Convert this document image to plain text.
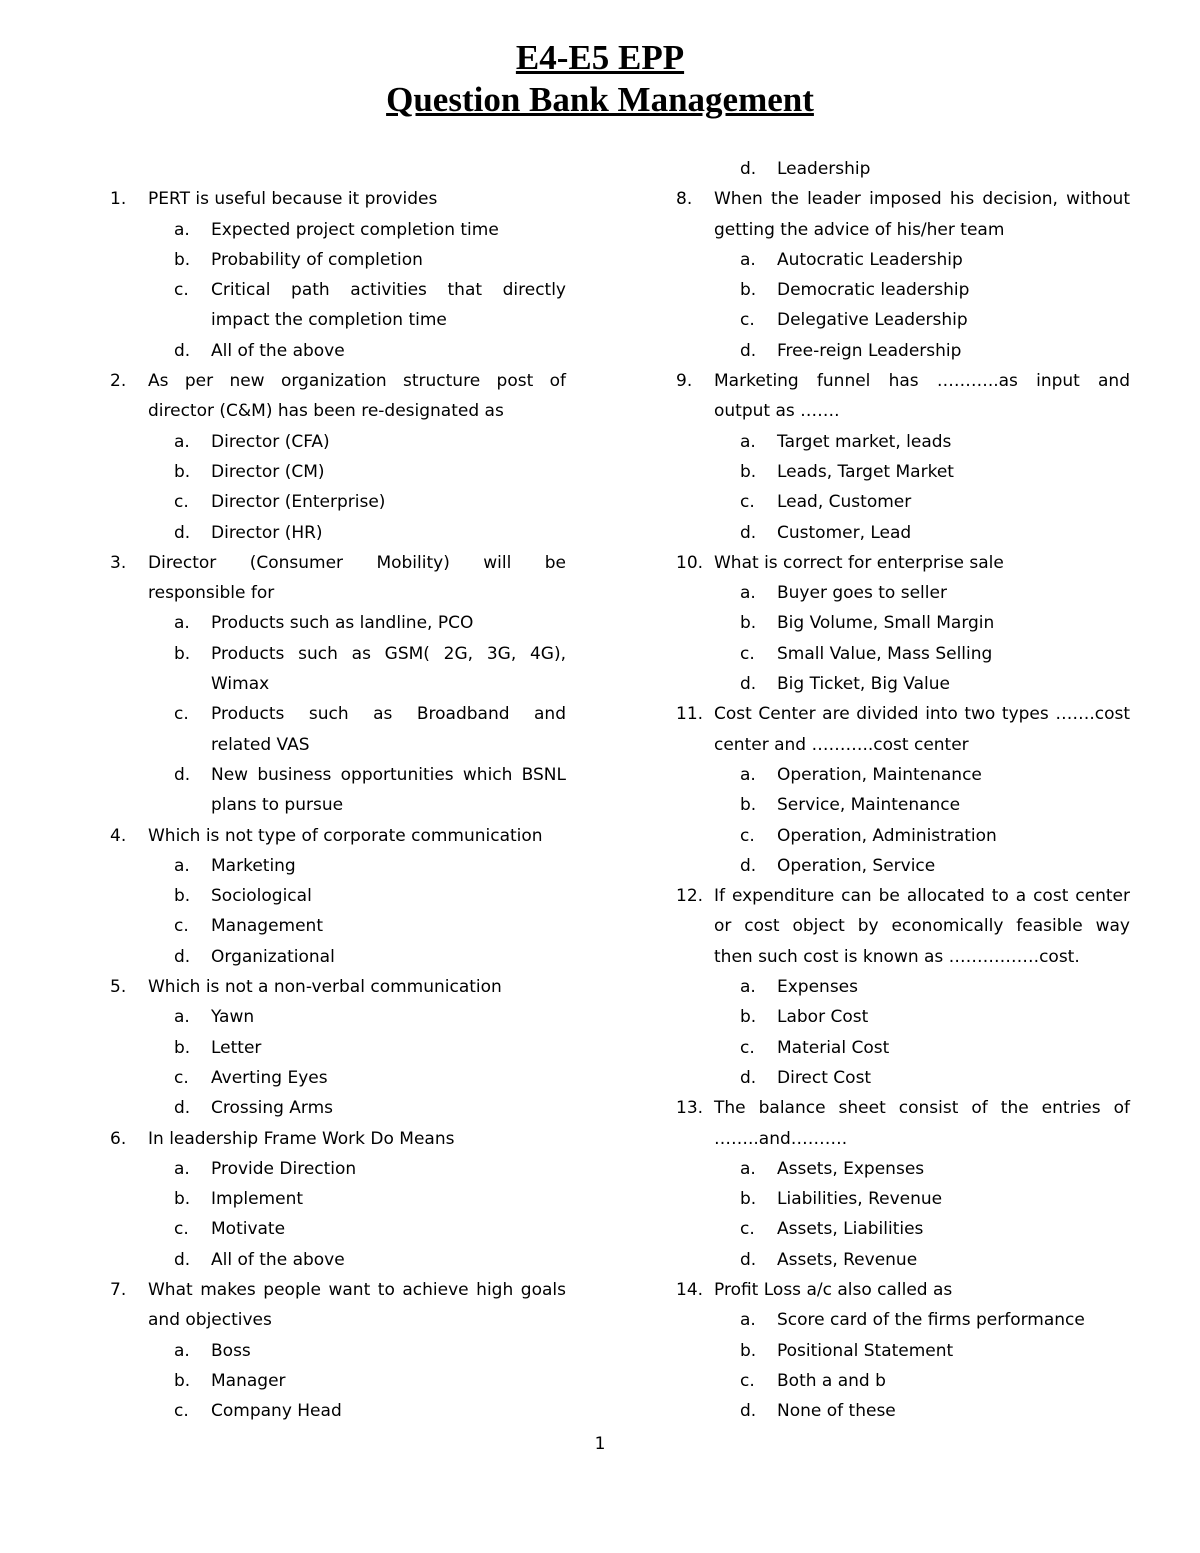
E4-E5 EPP
Question Bank Management
1. PERT is useful because it provides
a. Expected project completion time
b. Probability of completion
c. Critical path activities that directly
impact the completion time
d. All of the above
2. As per new organization structure post of
director (C&M) has been re-designated as
a. Director (CFA)
b. Director (CM)
c. Director (Enterprise)
d. Director (HR)
3. Director (Consumer Mobility) will be
responsible for
a. Products such as landline, PCO
b. Products such as GSM( 2G, 3G, 4G),
Wimax
c. Products such as Broadband and
related VAS
d. New business opportunities which BSNL
plans to pursue
4. Which is not type of corporate communication
a. Marketing
b. Sociological
c. Management
d. Organizational
5. Which is not a non-verbal communication
a. Yawn
b. Letter
c. Averting Eyes
d. Crossing Arms
6. In leadership Frame Work Do Means
a. Provide Direction
b. Implement
c. Motivate
d. All of the above
7. What makes people want to achieve high goals
and objectives
a. Boss
b. Manager
c. Company Head
d. Leadership
8. When the leader imposed his decision, without
getting the advice of his/her team
a. Autocratic Leadership
b. Democratic leadership
c. Delegative Leadership
d. Free-reign Leadership
9. Marketing funnel has ………..as input and
output as …….
a. Target market, leads
b. Leads, Target Market
c. Lead, Customer
d. Customer, Lead
10. What is correct for enterprise sale
a. Buyer goes to seller
b. Big Volume, Small Margin
c. Small Value, Mass Selling
d. Big Ticket, Big Value
11. Cost Center are divided into two types …….cost
center and ………..cost center
a. Operation, Maintenance
b. Service, Maintenance
c. Operation, Administration
d. Operation, Service
12. If expenditure can be allocated to a cost center
or cost object by economically feasible way
then such cost is known as …………….cost.
a. Expenses
b. Labor Cost
c. Material Cost
d. Direct Cost
13. The balance sheet consist of the entries of
……..and……….
a. Assets, Expenses
b. Liabilities, Revenue
c. Assets, Liabilities
d. Assets, Revenue
14. Profit Loss a/c also called as
a. Score card of the firms performance
b. Positional Statement
c. Both a and b
d. None of these
1
